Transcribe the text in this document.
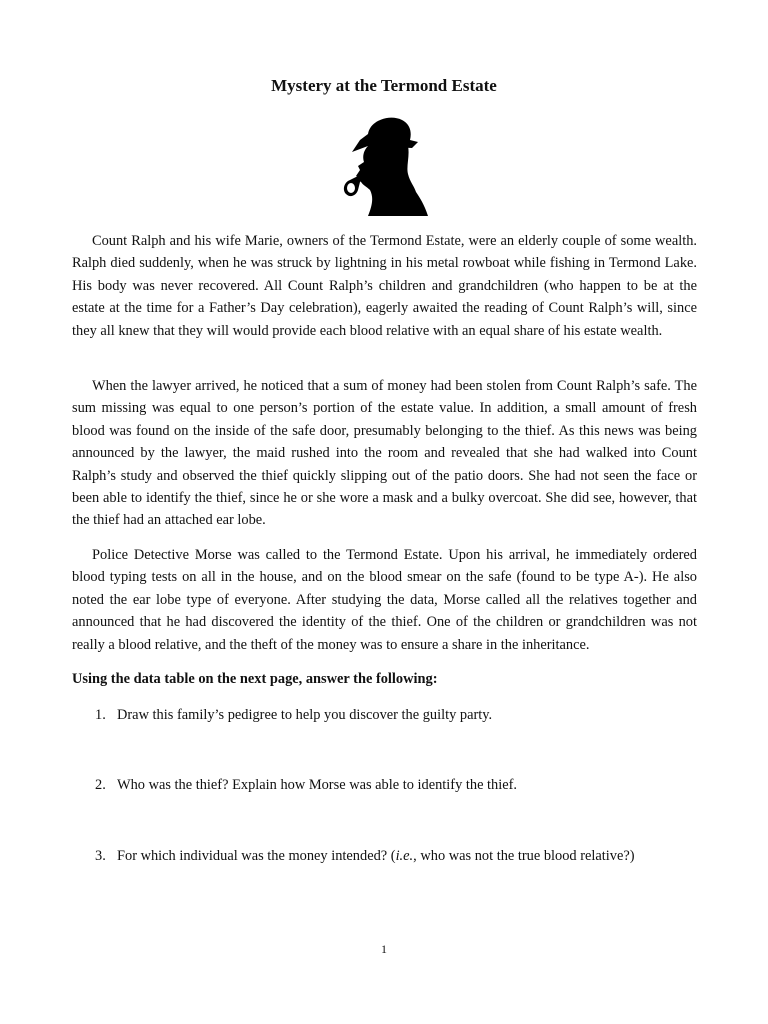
Mystery at the Termond Estate

Count Ralph and his wife Marie, owners of the Termond Estate, were an elderly couple of some wealth. Ralph died suddenly, when he was struck by lightning in his metal rowboat while fishing in Termond Lake. His body was never recovered. All Count Ralph’s children and grandchildren (who happen to be at the estate at the time for a Father’s Day celebration), eagerly awaited the reading of Count Ralph’s will, since they all knew that they will would provide each blood relative with an equal share of his estate wealth.

When the lawyer arrived, he noticed that a sum of money had been stolen from Count Ralph’s safe. The sum missing was equal to one person’s portion of the estate value. In addition, a small amount of fresh blood was found on the inside of the safe door, presumably belonging to the thief. As this news was being announced by the lawyer, the maid rushed into the room and revealed that she had walked into Count Ralph’s study and observed the thief quickly slipping out of the patio doors. She had not seen the face or been able to identify the thief, since he or she wore a mask and a bulky overcoat. She did see, however, that the thief had an attached ear lobe.

Police Detective Morse was called to the Termond Estate. Upon his arrival, he immediately ordered blood typing tests on all in the house, and on the blood smear on the safe (found to be type A-). He also noted the ear lobe type of everyone. After studying the data, Morse called all the relatives together and announced that he had discovered the identity of the thief. One of the children or grandchildren was not really a blood relative, and the theft of the money was to ensure a share in the inheritance.

Using the data table on the next page, answer the following:
1. Draw this family’s pedigree to help you discover the guilty party.
2. Who was the thief? Explain how Morse was able to identify the thief.
3. For which individual was the money intended? (i.e., who was not the true blood relative?)
1
